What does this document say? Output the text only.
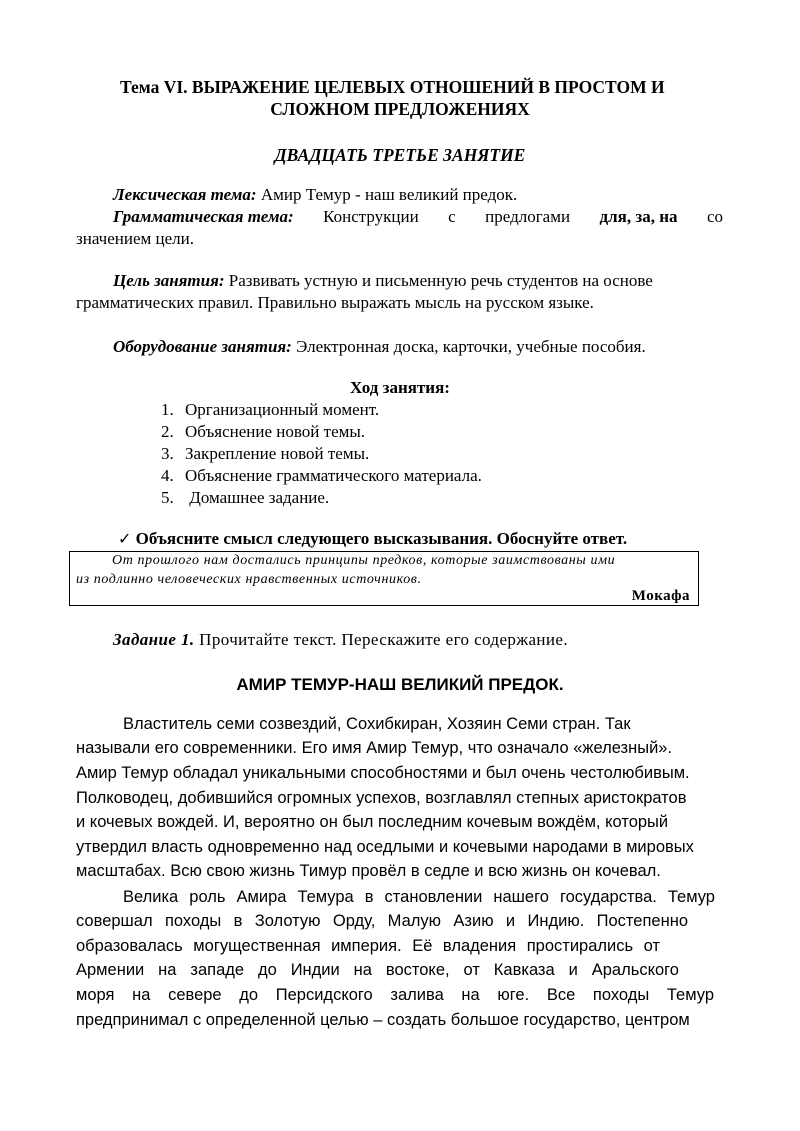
Тема VI. ВЫРАЖЕНИЕ ЦЕЛЕВЫХ ОТНОШЕНИЙ В ПРОСТОМ И
СЛОЖНОМ ПРЕДЛОЖЕНИЯХ
ДВАДЦАТЬ ТРЕТЬЕ ЗАНЯТИЕ
Лексическая тема: Амир Темур - наш великий предок.
Грамматическая тема: Конструкции с предлогами для, за, на со
значением цели.
Цель занятия: Развивать устную и письменную речь студентов на основе
грамматических правил. Правильно выражать мысль на русском языке.
Оборудование занятия: Электронная доска, карточки, учебные пособия.
Ход занятия:
1. Организационный момент.
2. Объяснение новой темы.
3. Закрепление новой темы.
4. Объяснение грамматического материала.
5. Домашнее задание.
✓ Объясните смысл следующего высказывания. Обоснуйте ответ.
От прошлого нам достались принципы предков, которые заимствованы ими
из подлинно человеческих нравственных источников.
Мокафа
Задание 1. Прочитайте текст. Перескажите его содержание.
АМИР ТЕМУР-НАШ ВЕЛИКИЙ ПРЕДОК.
Властитель семи созвездий, Сохибкиран, Хозяин Семи стран. Так
называли его современники. Его имя Амир Темур, что означало «железный».
Амир Темур обладал уникальными способностями и был очень честолюбивым.
Полководец, добившийся огромных успехов, возглавлял степных аристократов
и кочевых вождей. И, вероятно он был последним кочевым вождём, который
утвердил власть одновременно над оседлыми и кочевыми народами в мировых
масштабах. Всю свою жизнь Тимур провёл в седле и всю жизнь он кочевал.
Велика роль Амира Темура в становлении нашего государства. Темур
совершал походы в Золотую Орду, Малую Азию и Индию. Постепенно
образовалась могущественная империя. Её владения простирались от
Армении на западе до Индии на востоке, от Кавказа и Аральского
моря на севере до Персидского залива на юге. Все походы Темур
предпринимал с определенной целью – создать большое государство, центром
